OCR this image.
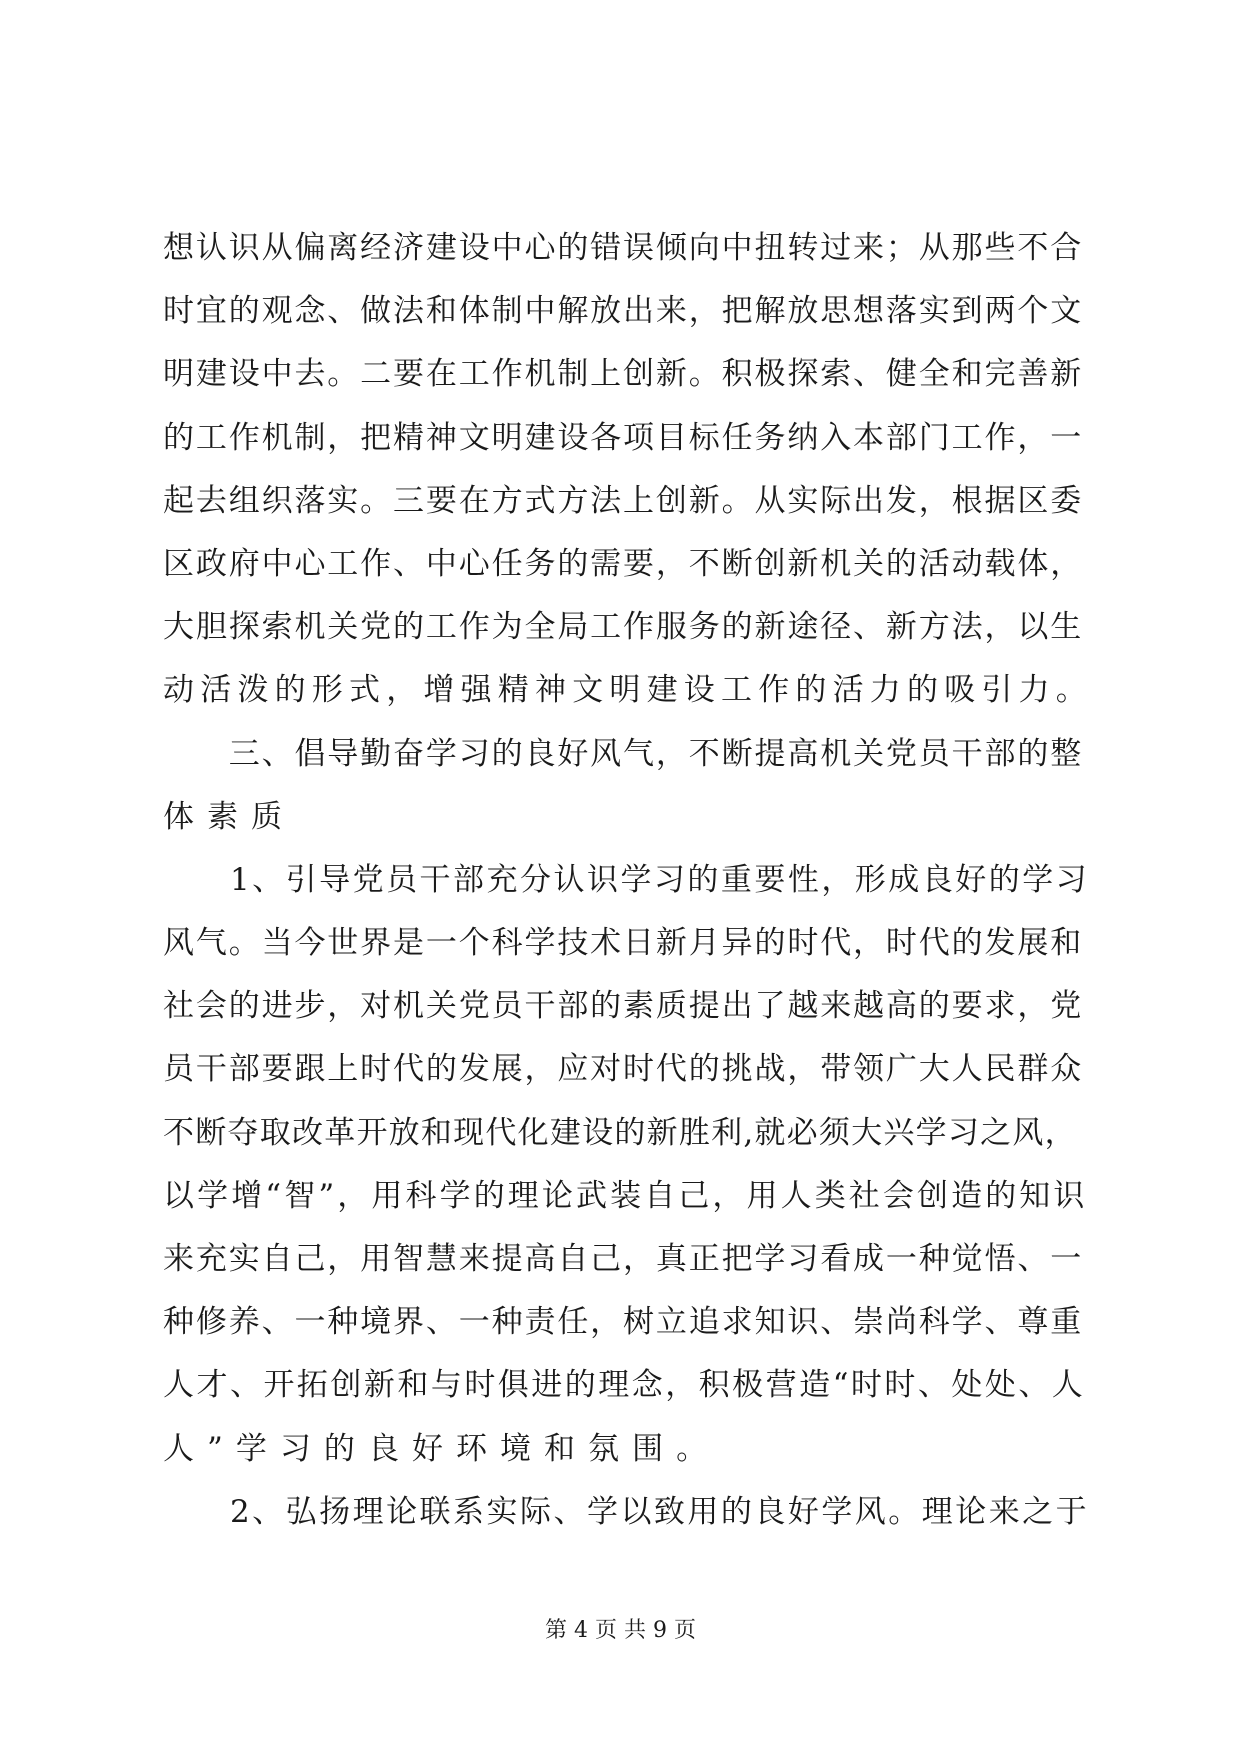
想认识从偏离经济建设中心的错误倾向中扭转过来；从那些不合
时宜的观念、做法和体制中解放出来，把解放思想落实到两个文
明建设中去。二要在工作机制上创新。积极探索、健全和完善新
的工作机制，把精神文明建设各项目标任务纳入本部门工作，一
起去组织落实。三要在方式方法上创新。从实际出发，根据区委
区政府中心工作、中心任务的需要，不断创新机关的活动载体，
大胆探索机关党的工作为全局工作服务的新途径、新方法，以生
动活泼的形式，增强精神文明建设工作的活力的吸引力。
　　三、倡导勤奋学习的良好风气，不断提高机关党员干部的整
体素质
　　1、引导党员干部充分认识学习的重要性，形成良好的学习
风气。当今世界是一个科学技术日新月异的时代，时代的发展和
社会的进步，对机关党员干部的素质提出了越来越高的要求，党
员干部要跟上时代的发展，应对时代的挑战，带领广大人民群众
不断夺取改革开放和现代化建设的新胜利,就必须大兴学习之风，
以学增“智”，用科学的理论武装自己，用人类社会创造的知识
来充实自己，用智慧来提高自己，真正把学习看成一种觉悟、一
种修养、一种境界、一种责任，树立追求知识、崇尚科学、尊重
人才、开拓创新和与时俱进的理念，积极营造“时时、处处、人
人”学习的良好环境和氛围。
　　2、弘扬理论联系实际、学以致用的良好学风。理论来之于
第 4 页 共 9 页
